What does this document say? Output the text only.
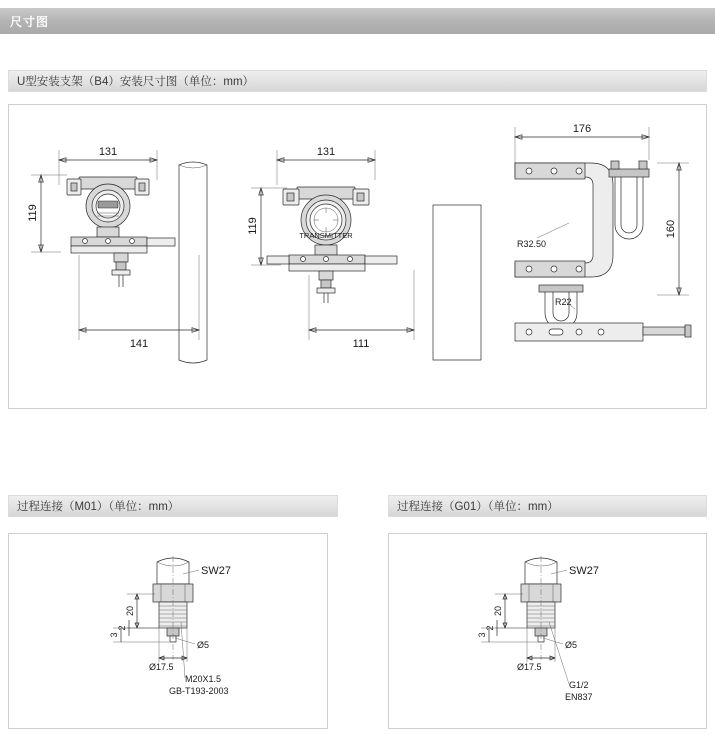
尺寸图
U型安装支架（B4）安装尺寸图（单位：mm）
131
119
141
131
119
TRANSMITTER
111
176
160
R32.50
R22
过程连接（M01）（单位：mm）	过程连接（G01）（单位：mm）
SW27
20
3
2
Ø5
Ø17.5
M20X1.5
GB-T193-2003
SW27
20
3
2
Ø5
Ø17.5
G1/2
EN837
